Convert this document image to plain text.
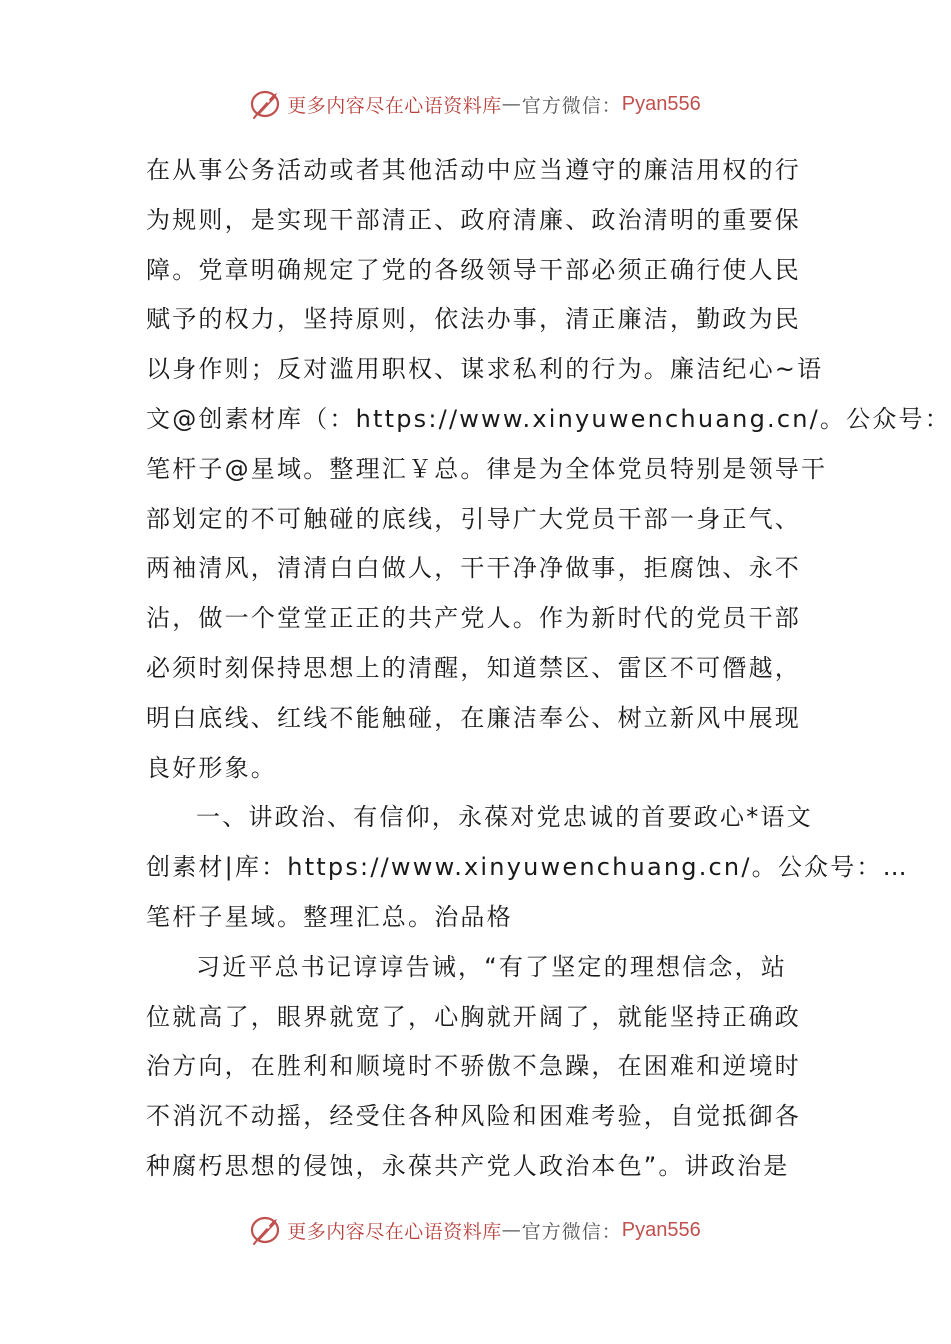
更多内容尽在心语资料库 — 官方微信： Pyan556
在从事公务活动或者其他活动中应当遵守的廉洁用权的行
为规则，是实现干部清正、政府清廉、政治清明的重要保
障。党章明确规定了党的各级领导干部必须正确行使人民
赋予的权力，坚持原则，依法办事，清正廉洁，勤政为民
以身作则；反对滥用职权、谋求私利的行为。廉洁纪心~语
文@创素材库（：https://www.xinyuwenchuang.cn/。公众号：
笔杆子@星域。整理汇￥总。律是为全体党员特别是领导干
部划定的不可触碰的底线，引导广大党员干部一身正气、
两袖清风，清清白白做人，干干净净做事，拒腐蚀、永不
沾，做一个堂堂正正的共产党人。作为新时代的党员干部
必须时刻保持思想上的清醒，知道禁区、雷区不可僭越，
明白底线、红线不能触碰，在廉洁奉公、树立新风中展现
良好形象。
一、讲政治、有信仰，永葆对党忠诚的首要政心*语文
创素材|库：https://www.xinyuwenchuang.cn/。公众号：…
笔杆子星域。整理汇总。治品格
习近平总书记谆谆告诫，“有了坚定的理想信念，站
位就高了，眼界就宽了，心胸就开阔了，就能坚持正确政
治方向，在胜利和顺境时不骄傲不急躁，在困难和逆境时
不消沉不动摇，经受住各种风险和困难考验，自觉抵御各
种腐朽思想的侵蚀，永葆共产党人政治本色”。讲政治是
更多内容尽在心语资料库 — 官方微信： Pyan556
